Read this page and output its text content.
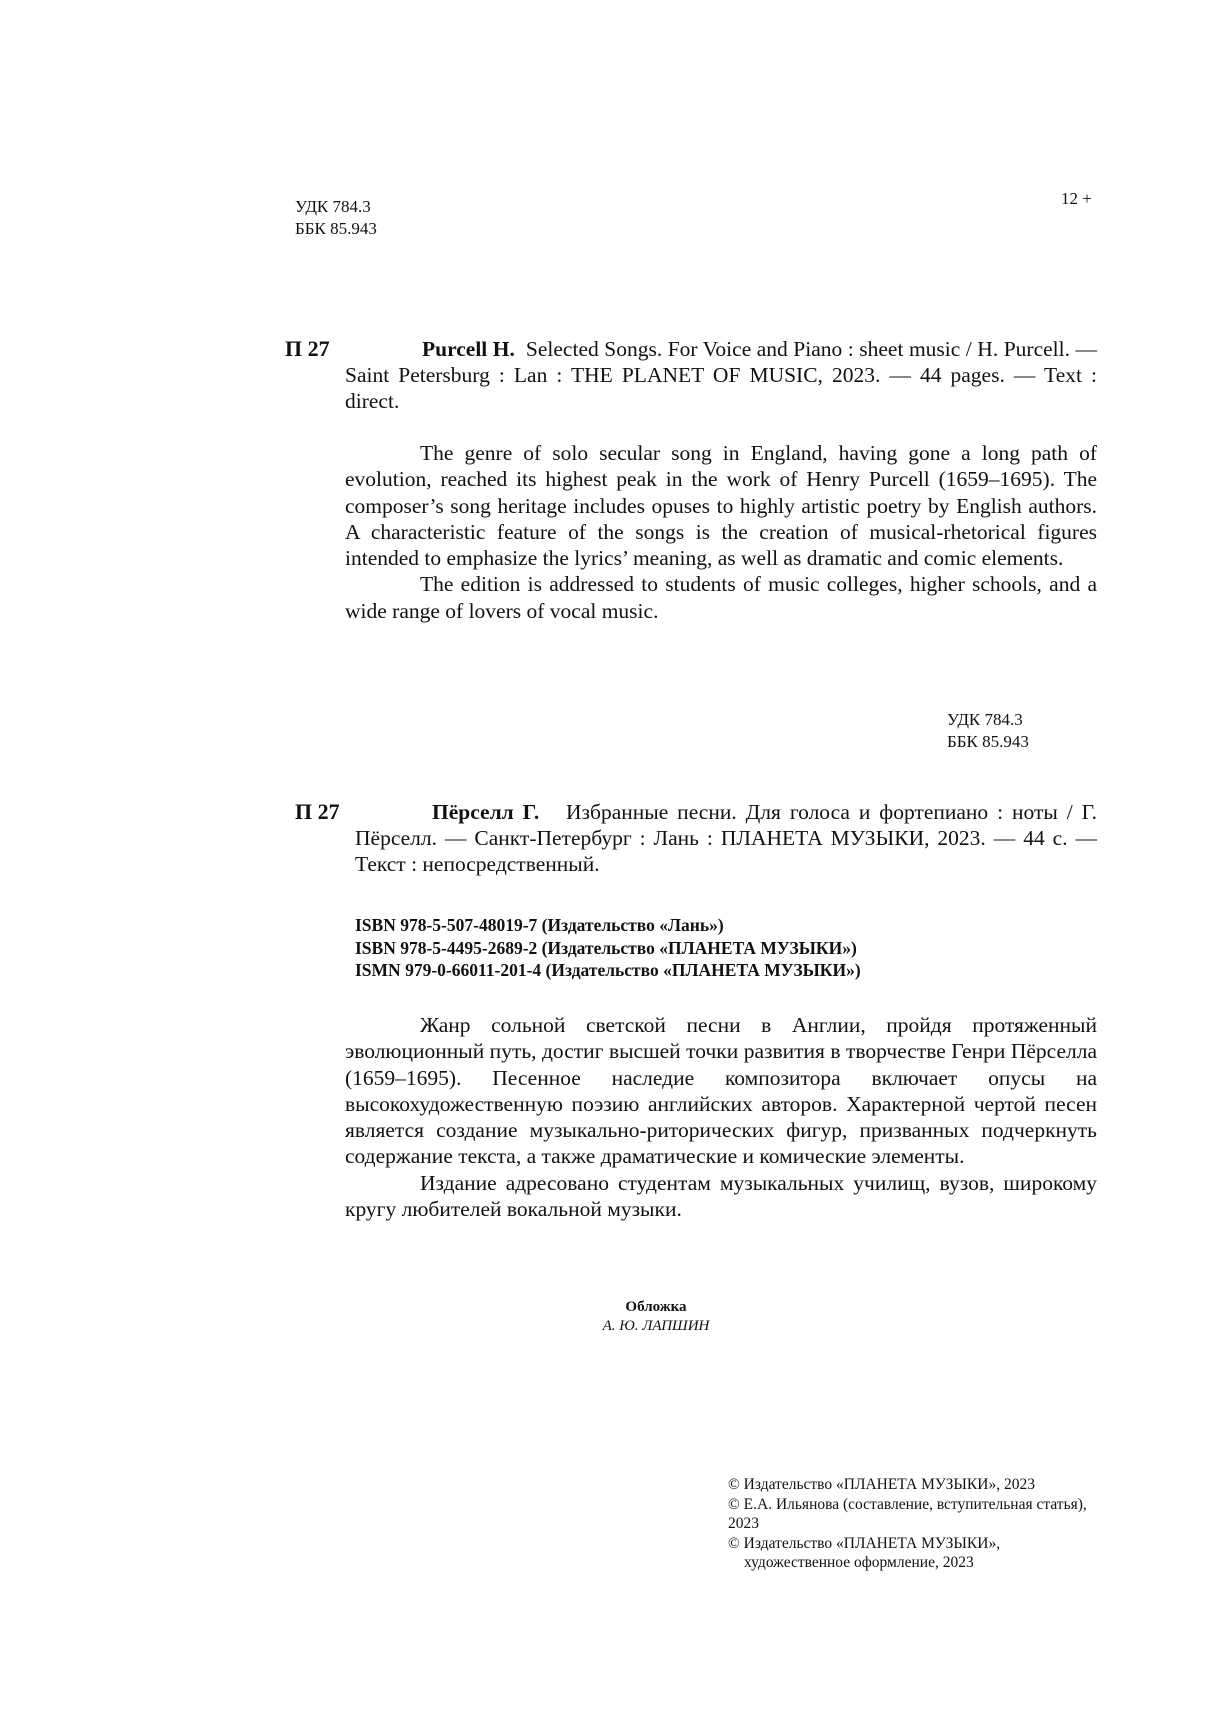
УДК 784.3
ББК 85.943
12 +
П 27	Purcell H. Selected Songs. For Voice and Piano : sheet music / H. Purcell. — Saint Petersburg : Lan : THE PLANET OF MUSIC, 2023. — 44 pages. — Text : direct.

The genre of solo secular song in England, having gone a long path of evolution, reached its highest peak in the work of Henry Purcell (1659–1695). The composer’s song heritage includes opuses to highly artistic poetry by English authors. A characteristic feature of the songs is the creation of musical-rhetorical figures intended to emphasize the lyrics’ meaning, as well as dramatic and comic elements.

The edition is addressed to students of music colleges, higher schools, and a wide range of lovers of vocal music.

УДК 784.3
ББК 85.943
П 27	Пёрселл Г. Избранные песни. Для голоса и фортепиано : ноты / Г. Пёрселл. — Санкт-Петербург : Лань : ПЛАНЕТА МУЗЫКИ, 2023. — 44 с. — Текст : непосредственный.
ISBN 978-5-507-48019-7 (Издательство «Лань»)
ISBN 978-5-4495-2689-2 (Издательство «ПЛАНЕТА МУЗЫКИ»)
ISMN 979-0-66011-201-4 (Издательство «ПЛАНЕТА МУЗЫКИ»)

Жанр сольной светской песни в Англии, пройдя протяженный эволюционный путь, достиг высшей точки развития в творчестве Генри Пёрселла (1659–1695). Песенное наследие композитора включает опусы на высокохудожественную поэзию английских авторов. Характерной чертой песен является создание музыкально-риторических фигур, призванных подчеркнуть содержание текста, а также драматические и комические элементы.

Издание адресовано студентам музыкальных училищ, вузов, широкому кругу любителей вокальной музыки.

Обложка
А. Ю. ЛАПШИН
© Издательство «ПЛАНЕТА МУЗЫКИ», 2023
© Е.А. Ильянова (составление, вступительная статья), 2023
© Издательство «ПЛАНЕТА МУЗЫКИ»,
художественное оформление, 2023
